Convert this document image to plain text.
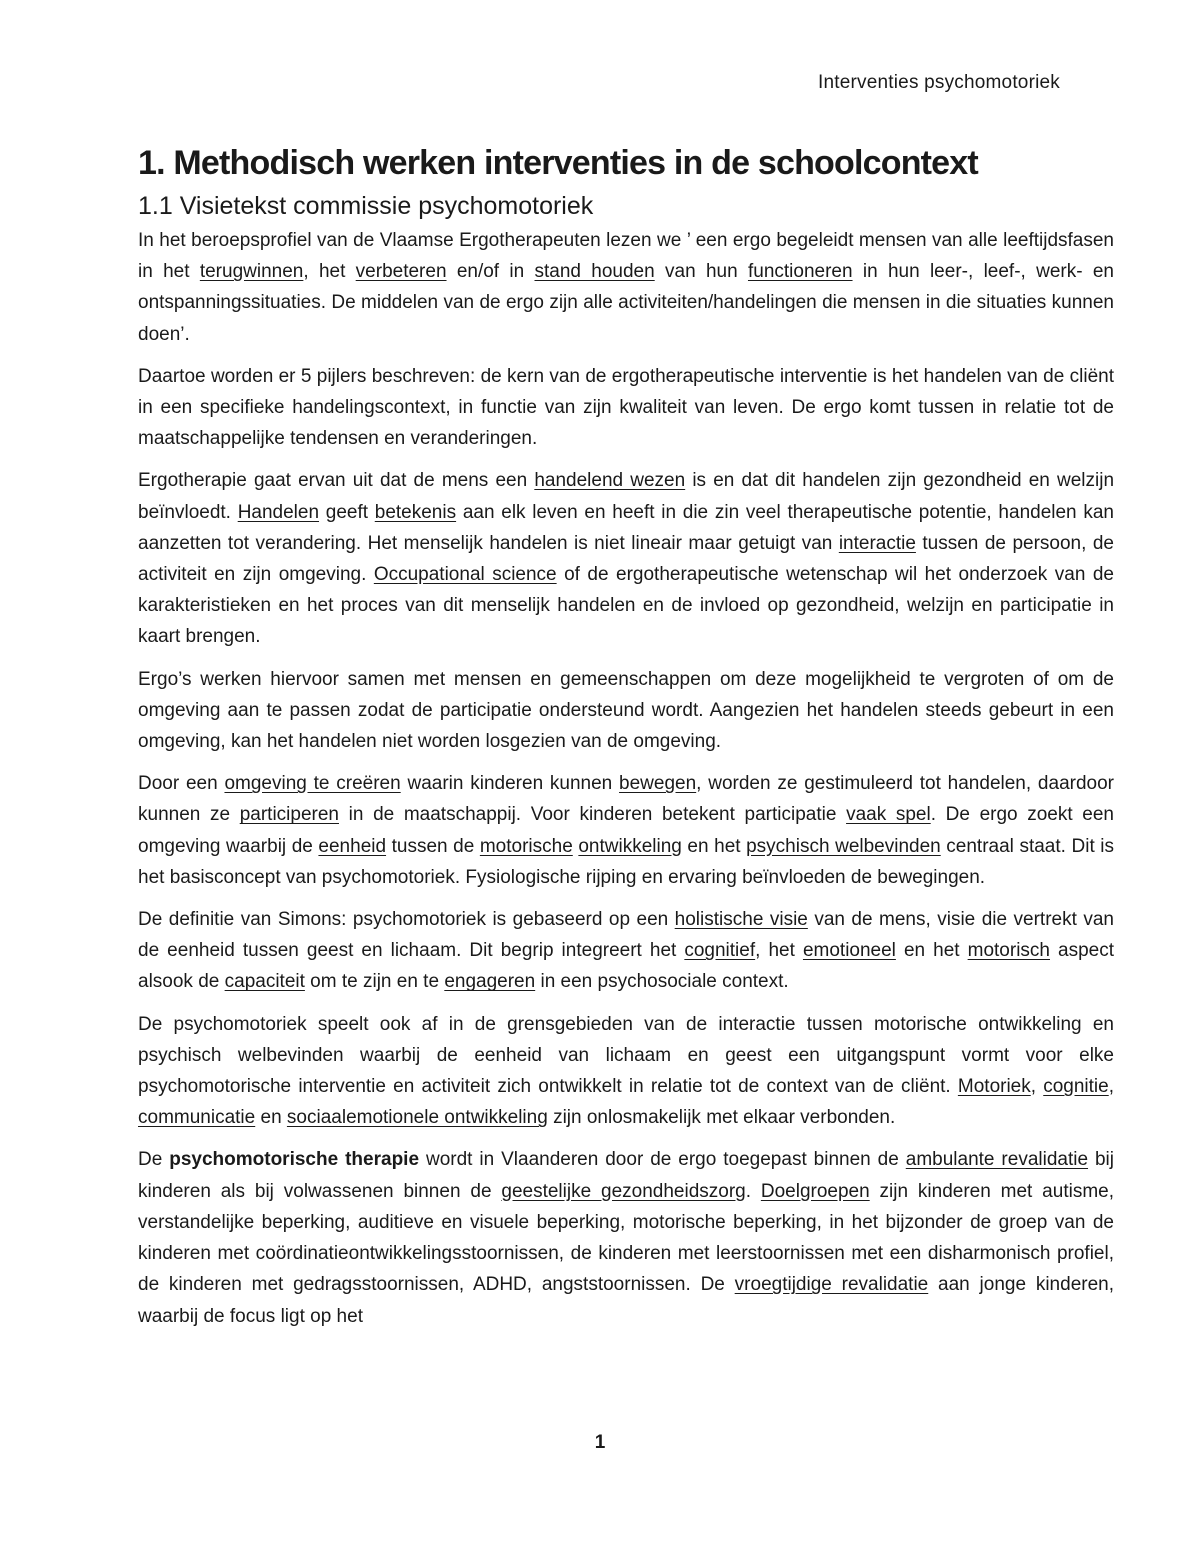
Interventies psychomotoriek
1. Methodisch werken interventies in de schoolcontext
1.1 Visietekst commissie psychomotoriek

In het beroepsprofiel van de Vlaamse Ergotherapeuten lezen we ’ een ergo begeleidt mensen van alle leeftijdsfasen in het terugwinnen, het verbeteren en/of in stand houden van hun functioneren in hun leer-, leef-, werk- en ontspanningssituaties. De middelen van de ergo zijn alle activiteiten/handelingen die mensen in die situaties kunnen doen’.

Daartoe worden er 5 pijlers beschreven: de kern van de ergotherapeutische interventie is het handelen van de cliënt in een specifieke handelingscontext, in functie van zijn kwaliteit van leven. De ergo komt tussen in relatie tot de maatschappelijke tendensen en veranderingen.

Ergotherapie gaat ervan uit dat de mens een handelend wezen is en dat dit handelen zijn gezondheid en welzijn beïnvloedt. Handelen geeft betekenis aan elk leven en heeft in die zin veel therapeutische potentie, handelen kan aanzetten tot verandering. Het menselijk handelen is niet lineair maar getuigt van interactie tussen de persoon, de activiteit en zijn omgeving. Occupational science of de ergotherapeutische wetenschap wil het onderzoek van de karakteristieken en het proces van dit menselijk handelen en de invloed op gezondheid, welzijn en participatie in kaart brengen.

Ergo’s werken hiervoor samen met mensen en gemeenschappen om deze mogelijkheid te vergroten of om de omgeving aan te passen zodat de participatie ondersteund wordt. Aangezien het handelen steeds gebeurt in een omgeving, kan het handelen niet worden losgezien van de omgeving.

Door een omgeving te creëren waarin kinderen kunnen bewegen, worden ze gestimuleerd tot handelen, daardoor kunnen ze participeren in de maatschappij. Voor kinderen betekent participatie vaak spel. De ergo zoekt een omgeving waarbij de eenheid tussen de motorische ontwikkeling en het psychisch welbevinden centraal staat. Dit is het basisconcept van psychomotoriek. Fysiologische rijping en ervaring beïnvloeden de bewegingen.

De definitie van Simons: psychomotoriek is gebaseerd op een holistische visie van de mens, visie die vertrekt van de eenheid tussen geest en lichaam. Dit begrip integreert het cognitief, het emotioneel en het motorisch aspect alsook de capaciteit om te zijn en te engageren in een psychosociale context.

De psychomotoriek speelt ook af in de grensgebieden van de interactie tussen motorische ontwikkeling en psychisch welbevinden waarbij de eenheid van lichaam en geest een uitgangspunt vormt voor elke psychomotorische interventie en activiteit zich ontwikkelt in relatie tot de context van de cliënt. Motoriek, cognitie, communicatie en sociaalemotionele ontwikkeling zijn onlosmakelijk met elkaar verbonden.

De psychomotorische therapie wordt in Vlaanderen door de ergo toegepast binnen de ambulante revalidatie bij kinderen als bij volwassenen binnen de geestelijke gezondheidszorg. Doelgroepen zijn kinderen met autisme, verstandelijke beperking, auditieve en visuele beperking, motorische beperking, in het bijzonder de groep van de kinderen met coördinatieontwikkelingsstoornissen, de kinderen met leerstoornissen met een disharmonisch profiel, de kinderen met gedragsstoornissen, ADHD, angststoornissen. De vroegtijdige revalidatie aan jonge kinderen, waarbij de focus ligt op het

1
